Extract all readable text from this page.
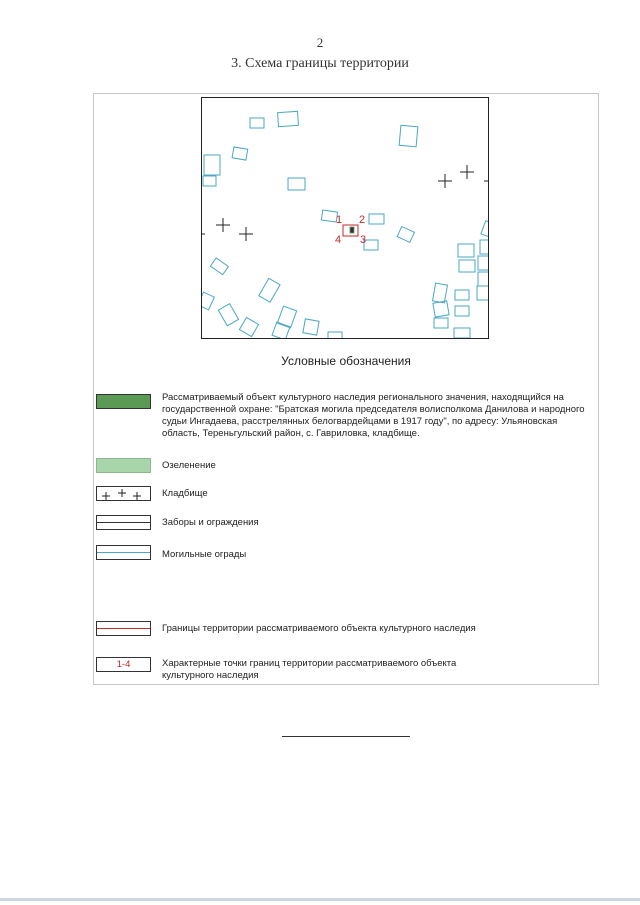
2
3. Схема границы территории
1 2
3
4
Условные обозначения
Рассматриваемый объект культурного наследия регионального значения, находящийся на государственной охране: "Братская могила председателя волисполкома Данилова и народного судьи Ингадаева, расстрелянных белогвардейцами в 1917 году", по адресу: Ульяновская область, Тереньгульский район, с. Гавриловка, кладбище.
Озеленение
Кладбище
Заборы и ограждения
Могильные ограды
Границы территории рассматриваемого объекта культурного наследия
1-4	Характерные точки границ территории рассматриваемого объекта культурного наследия
